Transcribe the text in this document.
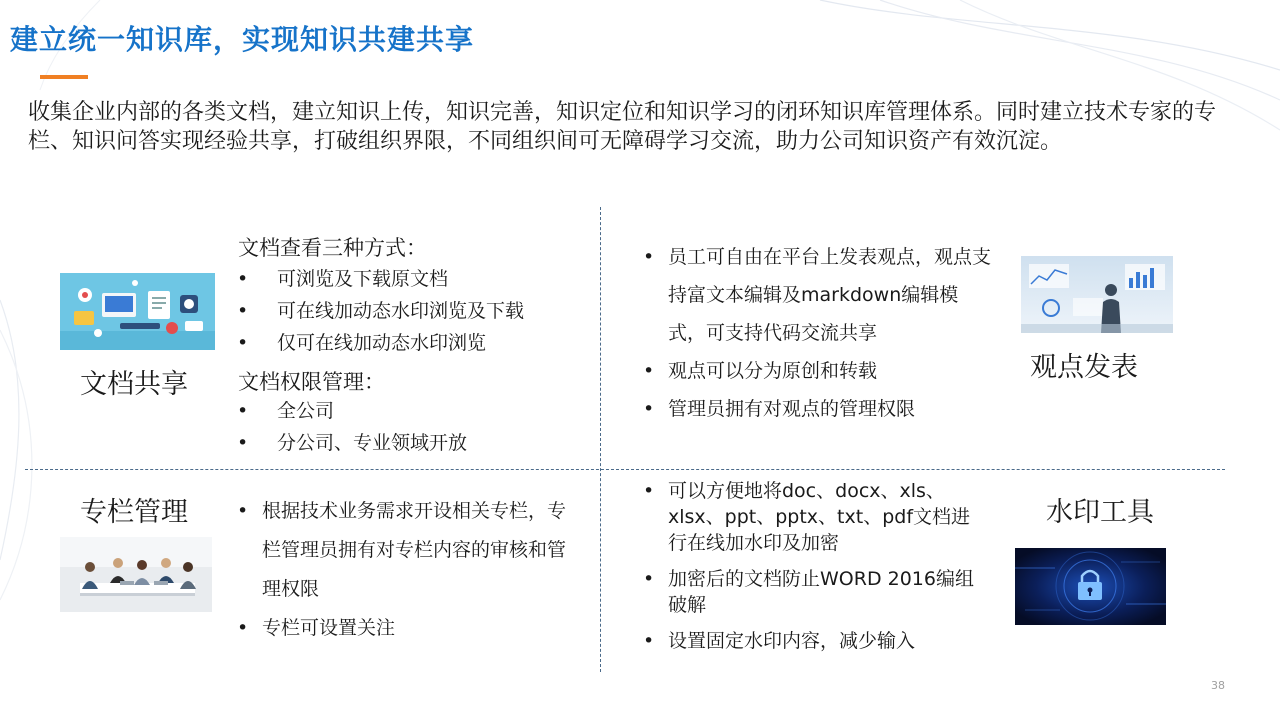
建立统一知识库，实现知识共建共享

收集企业内部的各类文档，建立知识上传，知识完善，知识定位和知识学习的闭环知识库管理体系。同时建立技术专家的专栏、知识问答实现经验共享，打破组织界限，不同组织间可无障碍学习交流，助力公司知识资产有效沉淀。

文档共享
文档查看三种方式：
• 可浏览及下载原文档
• 可在线加动态水印浏览及下载
• 仅可在线加动态水印浏览
文档权限管理：
• 全公司
• 分公司、专业领域开放
• 员工可自由在平台上发表观点，观点支持富文本编辑及markdown编辑模式，可支持代码交流共享
• 观点可以分为原创和转载
• 管理员拥有对观点的管理权限
观点发表
专栏管理	• 根据技术业务需求开设相关专栏，专栏管理员拥有对专栏内容的审核和管理权限
• 专栏可设置关注
• 可以方便地将doc、docx、xls、xlsx、ppt、pptx、txt、pdf文档进行在线加水印及加密
• 加密后的文档防止WORD 2016编组破解
• 设置固定水印内容，减少输入
水印工具
38
